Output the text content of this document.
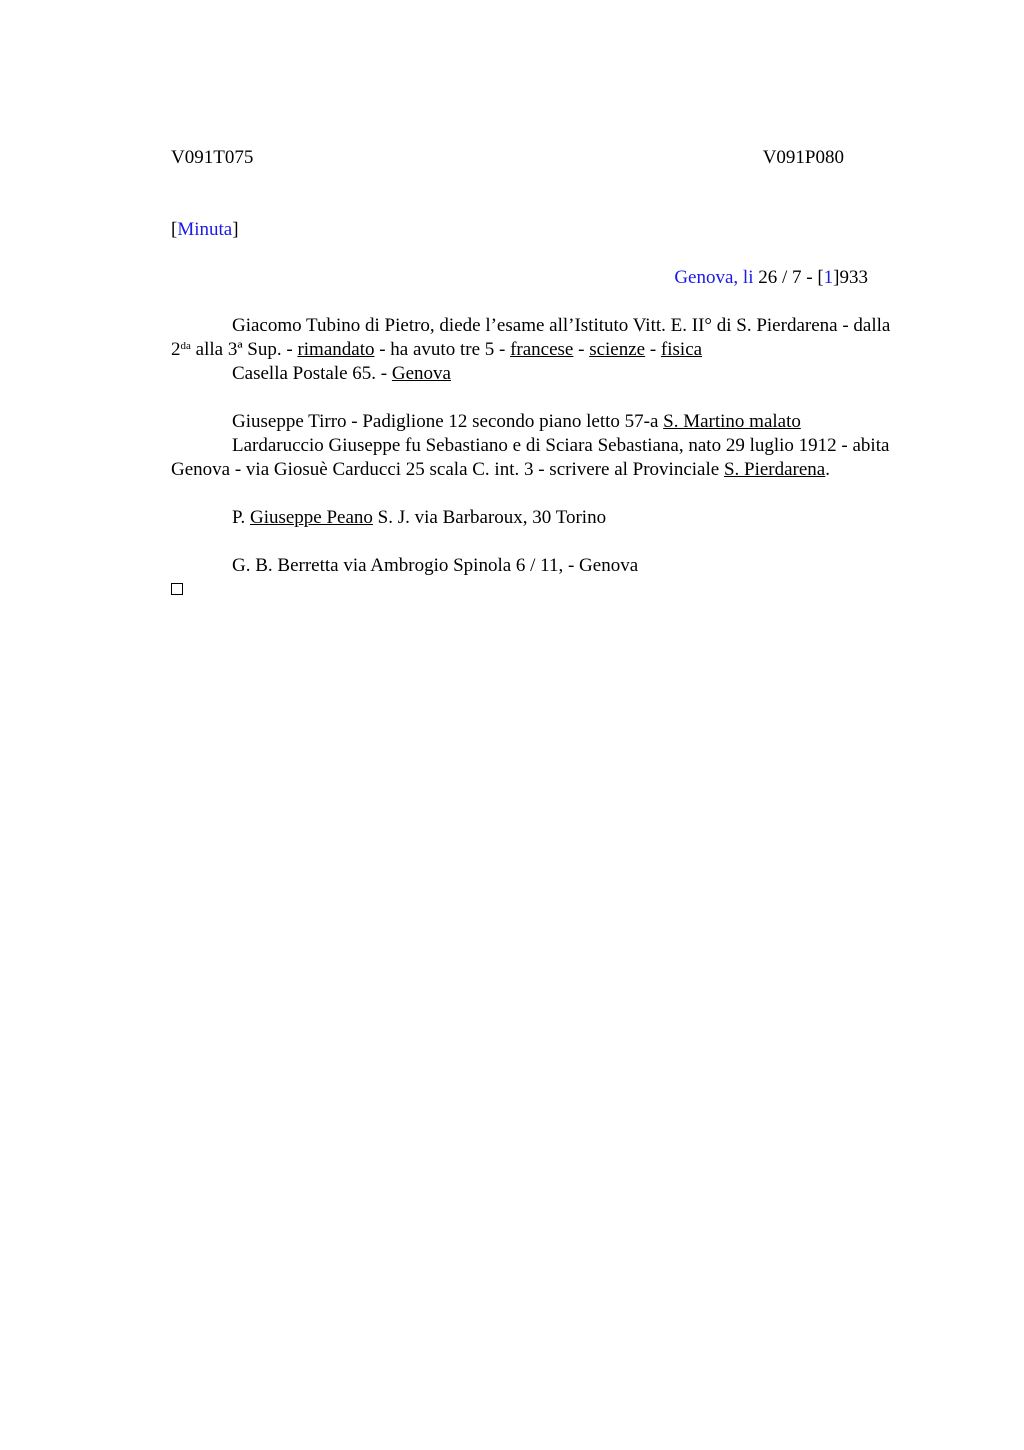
V091T075	V091P080

[Minuta]

Genova, li 26 / 7 - [1]933

Giacomo Tubino di Pietro, diede l’esame all’Istituto Vitt. E. II° di S. Pierdarena - dalla $2^{da}$ alla 3ª Sup. - rimandato - ha avuto tre 5 - francese - scienze - fisica

Casella Postale 65. - Genova

Giuseppe Tirro - Padiglione 12 secondo piano letto 57-a S. Martino malato

Lardaruccio Giuseppe fu Sebastiano e di Sciara Sebastiana, nato 29 luglio 1912 - abita Genova - via Giosuè Carducci 25 scala C. int. 3 - scrivere al Provinciale S. Pierdarena.

P. Giuseppe Peano S. J. via Barbaroux, 30 Torino

G. B. Berretta via Ambrogio Spinola 6 / 11, - Genova
